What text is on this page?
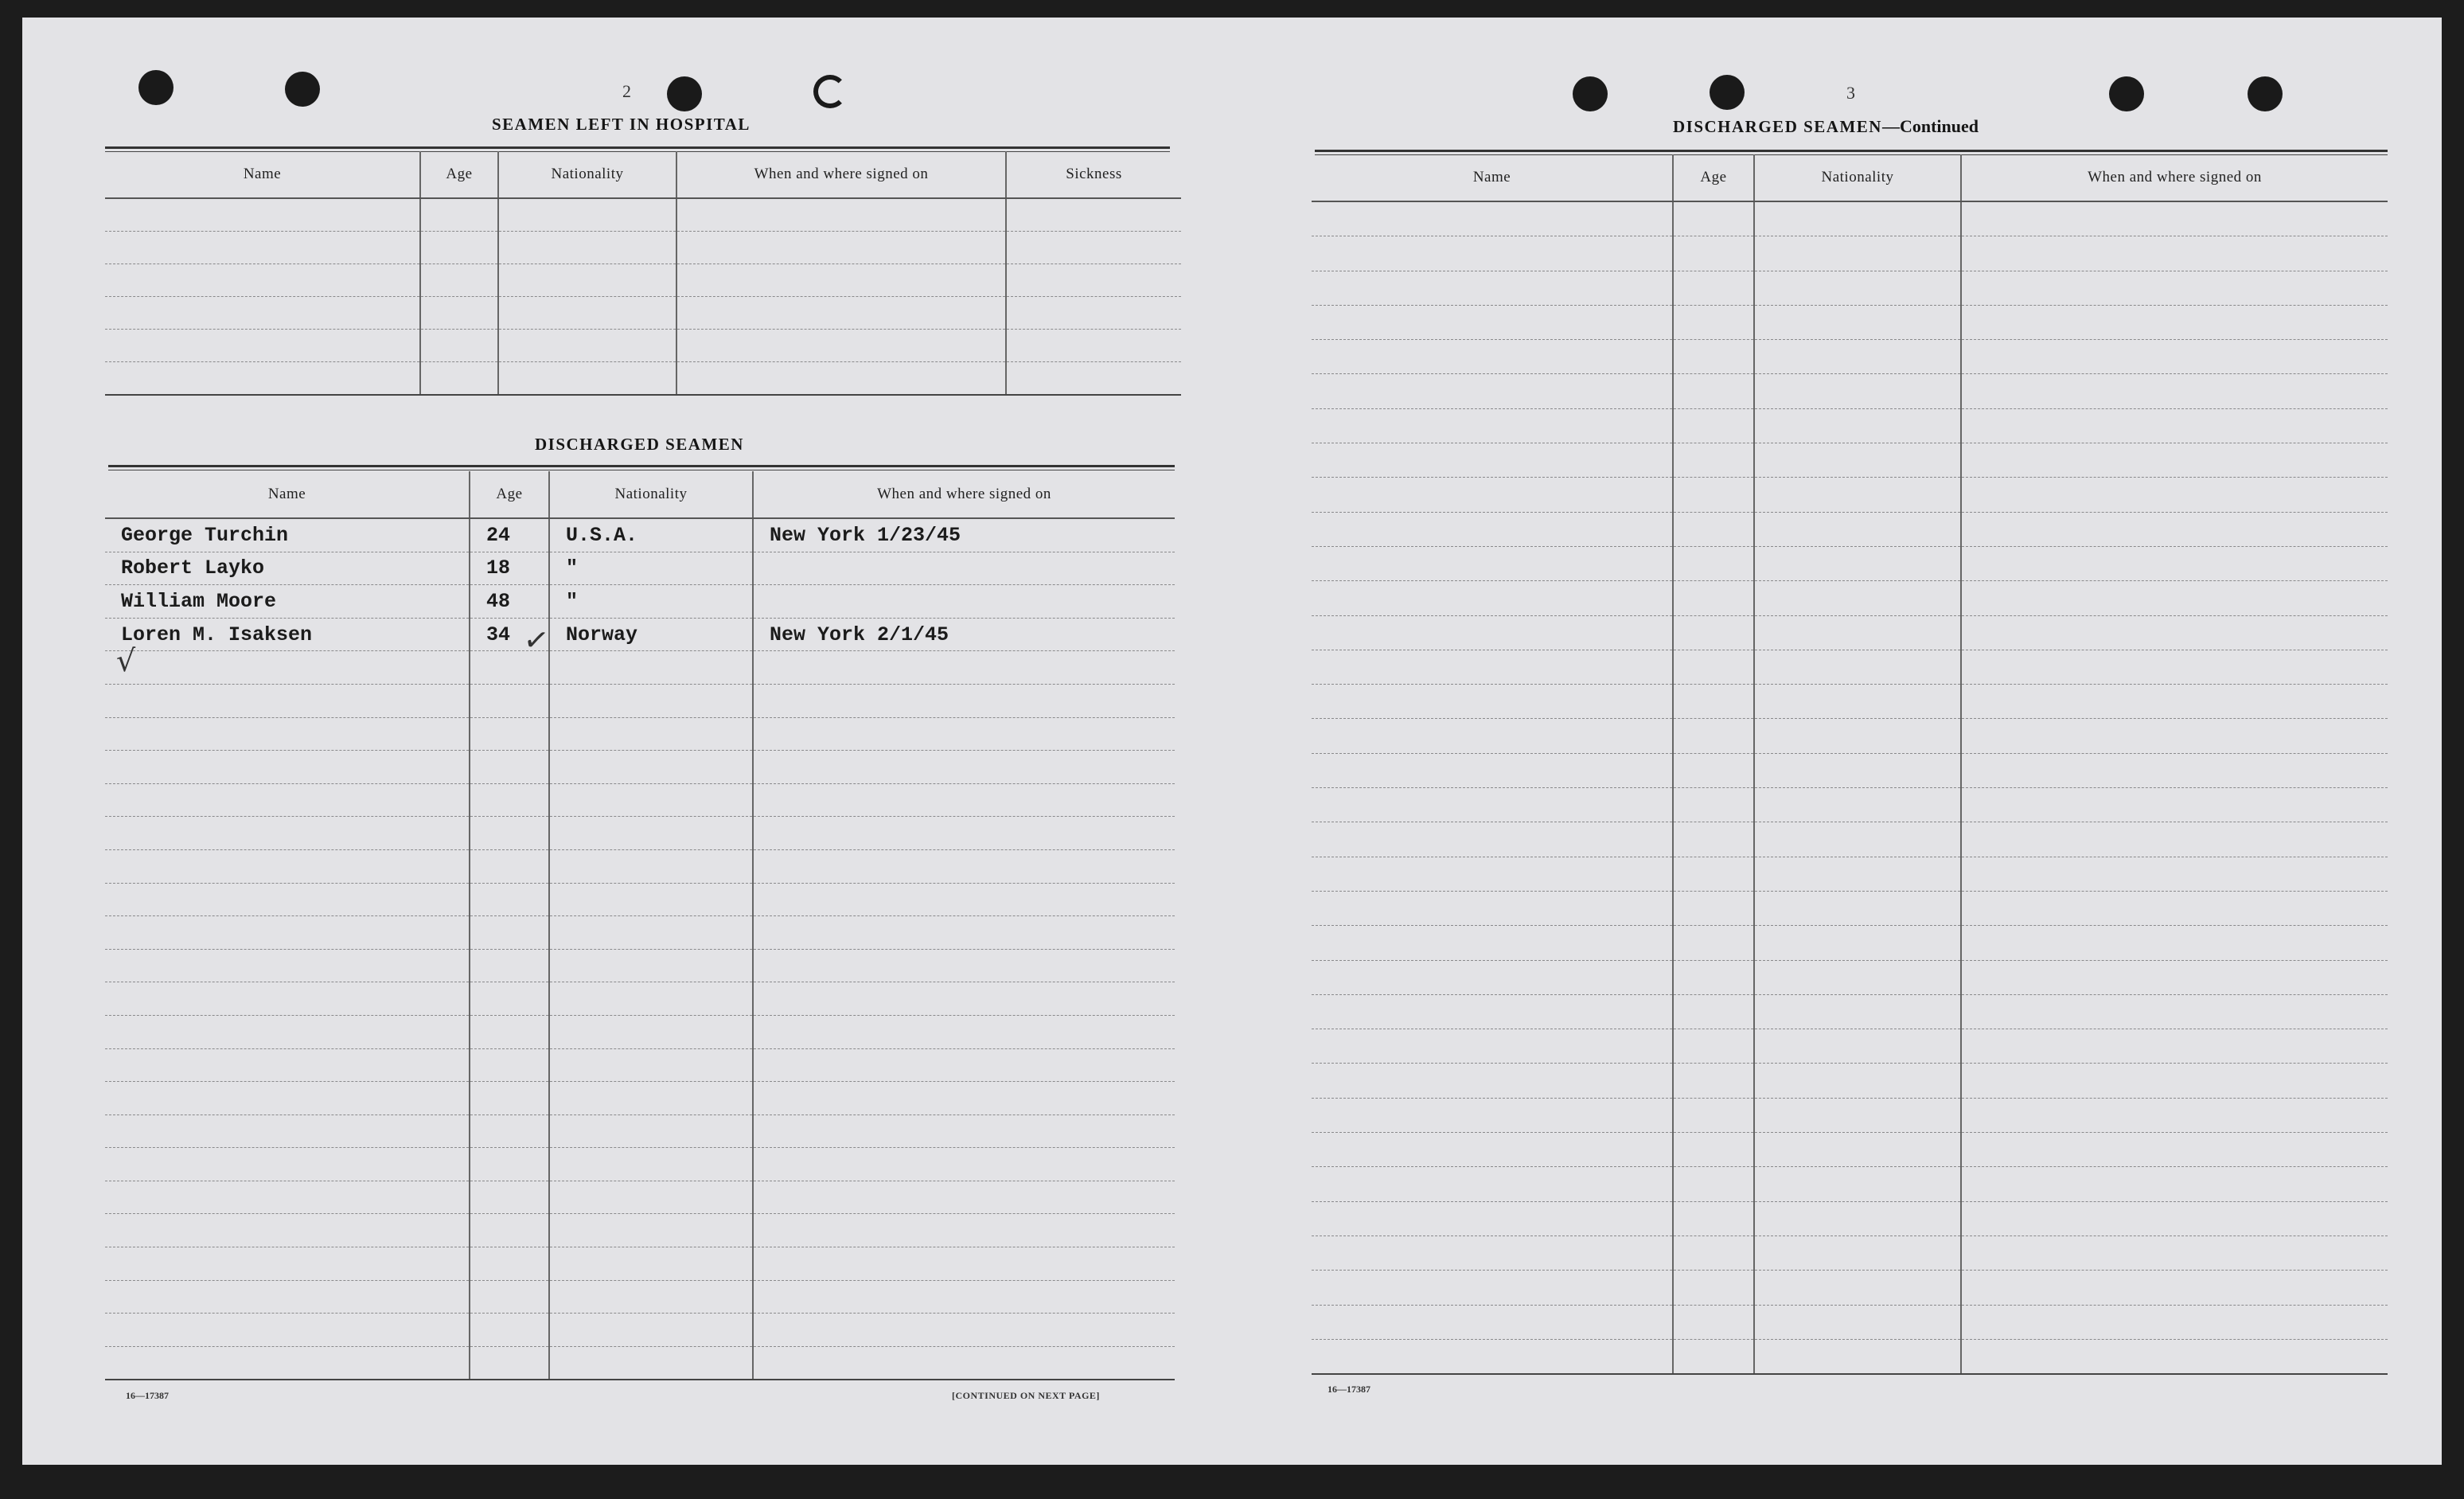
2
SEAMEN LEFT IN HOSPITAL
Name	Age	Nationality	When and where signed on	Sickness

DISCHARGED SEAMEN
Name	Age	Nationality	When and where signed on
George Turchin	24	U.S.A.	New York 1/23/45
Robert Layko	18	"	
William Moore	48	"	
Loren M. Isaksen	34	Norway	New York 2/1/45

√
✓
16—17387	[CONTINUED ON NEXT PAGE]
3
DISCHARGED SEAMEN—Continued
Name	Age	Nationality	When and where signed on

16—17387
